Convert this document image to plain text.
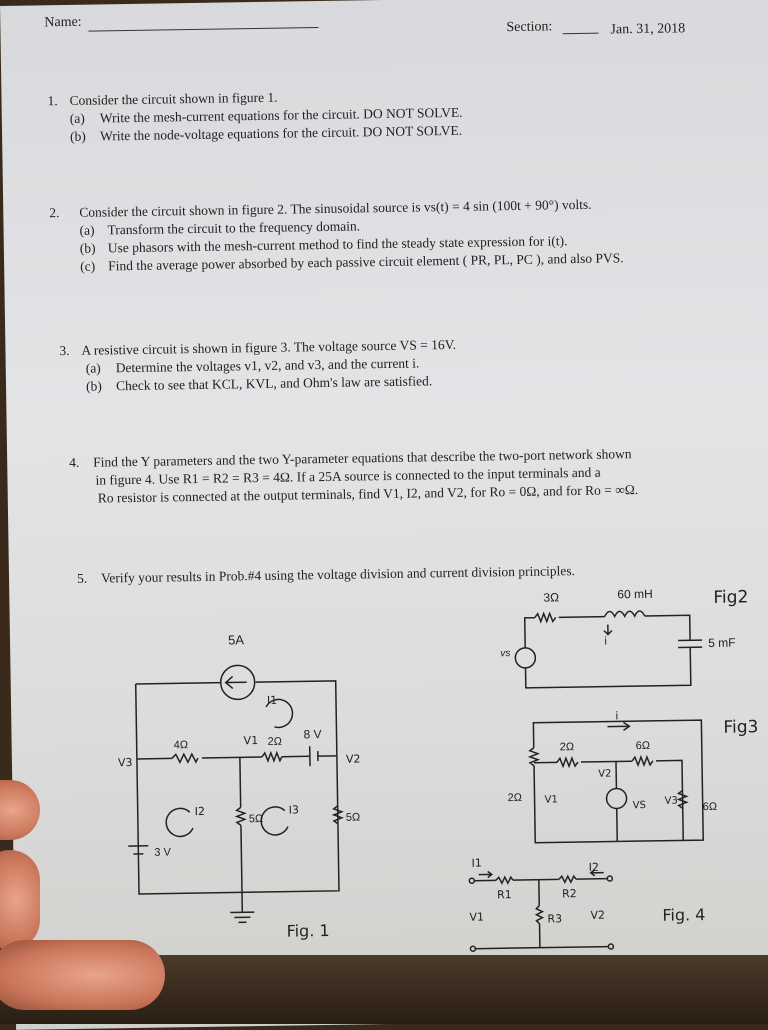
Name:	Section:	Jan. 31, 2018
1. Consider the circuit shown in figure 1.
(a) Write the mesh-current equations for the circuit. DO NOT SOLVE.
(b) Write the node-voltage equations for the circuit. DO NOT SOLVE.
2. Consider the circuit shown in figure 2. The sinusoidal source is vs(t) = 4 sin (100t + 90°) volts.
(a) Transform the circuit to the frequency domain.
(b) Use phasors with the mesh-current method to find the steady state expression for i(t).
(c) Find the average power absorbed by each passive circuit element ( PR, PL, PC ), and also PVS.
3. A resistive circuit is shown in figure 3. The voltage source VS = 16V.
(a) Determine the voltages v1, v2, and v3, and the current i.
(b) Check to see that KCL, KVL, and Ohm's law are satisfied.
4. Find the Y parameters and the two Y-parameter equations that describe the two-port network shown
in figure 4. Use R1 = R2 = R3 = 4Ω. If a 25A source is connected to the input terminals and a
Ro resistor is connected at the output terminals, find V1, I2, and V2, for Ro = 0Ω, and for Ro = ∞Ω.
5. Verify your results in Prob.#4 using the voltage division and current division principles.
5A
4Ω	2Ω
8 V
5Ω	5Ω
3 V
V1
V2
V3
I1
I2	I3
Fig. 1
3Ω	60 mH
5 mF
vs
i
Fig2
2Ω	6Ω
2Ω
6Ω
i
V1
V2
V3
VS
Fig3
R1	R2
R3
I1	I2
V1	V2	Fig. 4
